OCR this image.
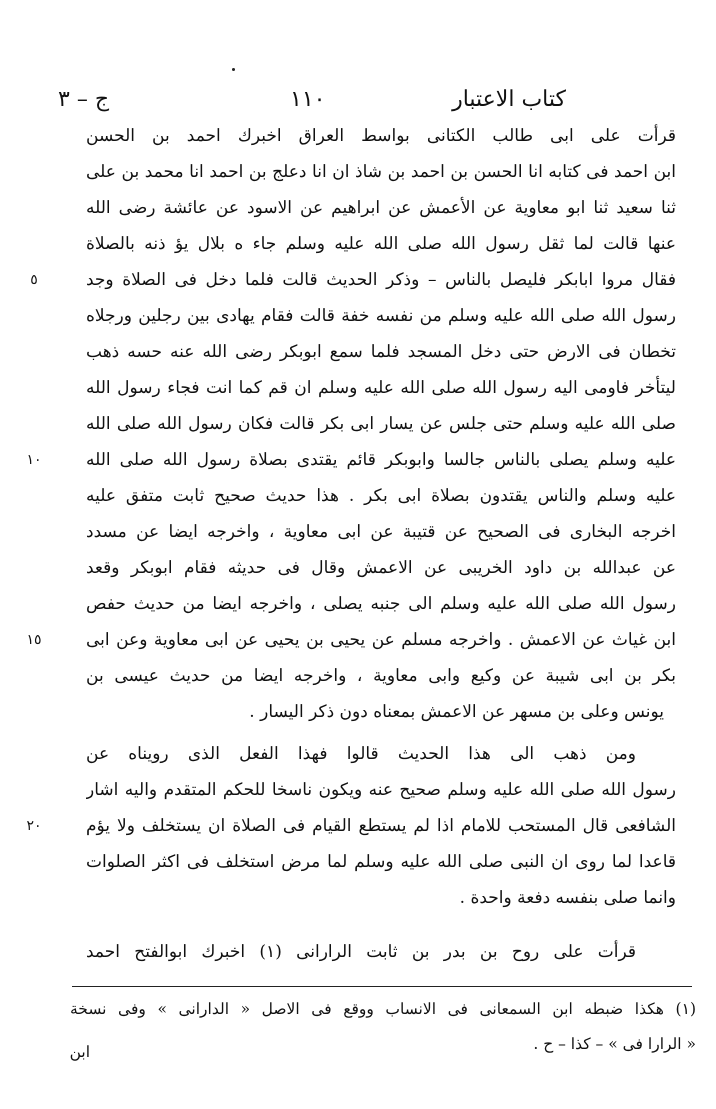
كتاب الاعتبار
١١٠
ج – ٣
قرأت على ابى طالب الكتانى بواسط العراق اخبرك احمد بن الحسن
ابن احمد فى كتابه انا الحسن بن احمد بن شاذ ان انا دعلج بن احمد انا محمد بن علی
ثنا سعيد ثنا ابو معاوية عن الأعمش عن ابراهيم عن الاسود عن عائشة رضى الله
عنها قالت لما ثقل رسول الله صلى الله عليه وسلم جاء ه بلال يؤ ذنه بالصلاة
فقال مروا ابابكر فليصل بالناس – وذكر الحديث قالت فلما دخل فى الصلاة وجد
رسول الله صلى الله عليه وسلم من نفسه خفة قالت فقام يهادى بين رجلين ورجلاه
تخطان فى الارض حتى دخل المسجد فلما سمع ابوبكر رضى الله عنه حسه ذهب
ليتأخر فاومى اليه رسول الله صلى الله عليه وسلم ان قم كما انت فجاء رسول الله
صلى الله عليه وسلم حتى جلس عن يسار ابى بكر قالت فكان رسول الله صلى الله
عليه وسلم يصلى بالناس جالسا وابوبكر قائم يقتدى بصلاة رسول الله صلى الله
عليه وسلم والناس يقتدون بصلاة ابى بكر . هذا حديث صحيح ثابت متفق عليه
اخرجه البخارى فى الصحيح عن قتيبة عن ابى معاوية ، واخرجه ايضا عن مسدد
عن عبدالله بن داود الخريبى عن الاعمش وقال فى حديثه فقام ابوبكر وقعد
رسول الله صلى الله عليه وسلم الى جنبه يصلى ، واخرجه ايضا من حديث حفص
ابن غياث عن الاعمش . واخرجه مسلم عن يحيى بن يحيى عن ابى معاوية وعن ابى
بكر بن ابى شيبة عن وكيع وابى معاوية ، واخرجه ايضا من حديث عيسى بن
يونس وعلى بن مسهر عن الاعمش بمعناه دون ذكر اليسار .
ومن ذهب الى هذا الحديث قالوا فهذا الفعل الذى رويناه عن
رسول الله صلى الله عليه وسلم صحيح عنه ويكون ناسخا للحكم المتقدم واليه اشار
الشافعى قال المستحب للامام اذا لم يستطع القيام فى الصلاة ان يستخلف ولا يؤم
قاعدا لما روى ان النبى صلى الله عليه وسلم لما مرض استخلف فى اكثر الصلوات
وانما صلى بنفسه دفعة واحدة .
قرأت على روح بن بدر بن ثابت الرارانى (١) اخبرك ابوالفتح احمد
٥
١٠
١٥
٢٠
(١) هكذا ضبطه ابن السمعانى فى الانساب ووقع فى الاصل « الدارانى » وفى نسخة
« الرارا فى » – كذا – ح .
ابن
